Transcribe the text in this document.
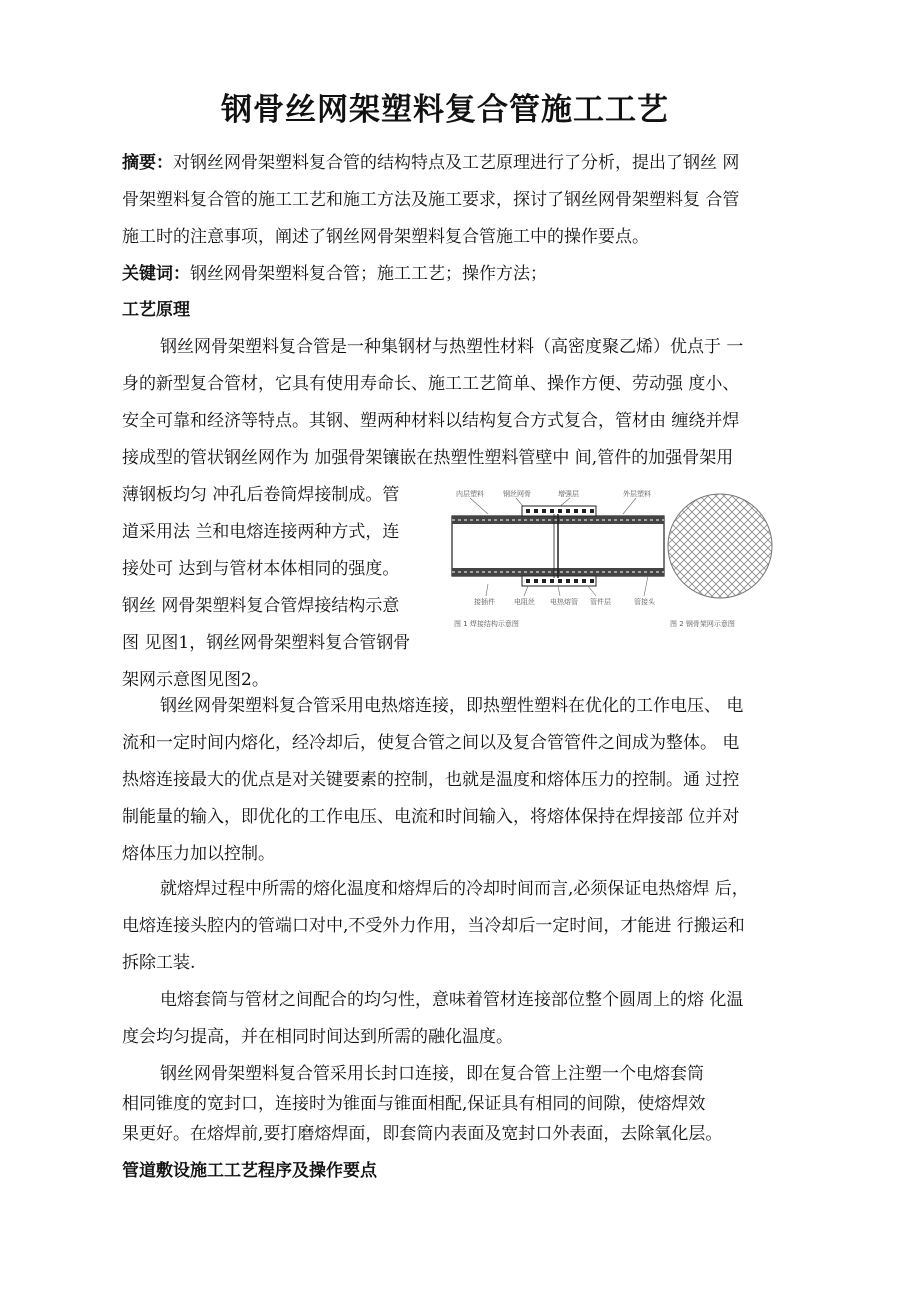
钢骨丝网架塑料复合管施工工艺
摘要：对钢丝网骨架塑料复合管的结构特点及工艺原理进行了分析，提出了钢丝 网
骨架塑料复合管的施工工艺和施工方法及施工要求，探讨了钢丝网骨架塑料复 合管
施工时的注意事项，阐述了钢丝网骨架塑料复合管施工中的操作要点。
关键词：钢丝网骨架塑料复合管；施工工艺；操作方法；
工艺原理
钢丝网骨架塑料复合管是一种集钢材与热塑性材料（高密度聚乙烯）优点于 一
身的新型复合管材，它具有使用寿命长、施工工艺简单、操作方便、劳动强 度小、
安全可靠和经济等特点。其钢、塑两种材料以结构复合方式复合，管材由 缠绕并焊
接成型的管状钢丝网作为 加强骨架镶嵌在热塑性塑料管壁中 间,管件的加强骨架用
薄钢板均匀 冲孔后卷筒焊接制成。管
道采用法 兰和电熔连接两种方式，连
接处可 达到与管材本体相同的强度。
钢丝 网骨架塑料复合管焊接结构示意
图 见图1，钢丝网骨架塑料复合管钢骨
架网示意图见图2。
内层塑料	钢丝网骨	增强层	外层塑料
接插件	电阻丝 电热熔管 管件层	管接头
图 1 焊接结构示意图	图 2 钢骨架网示意图
钢丝网骨架塑料复合管采用电热熔连接，即热塑性塑料在优化的工作电压、 电
流和一定时间内熔化，经冷却后，使复合管之间以及复合管管件之间成为整体。 电
热熔连接最大的优点是对关键要素的控制，也就是温度和熔体压力的控制。通 过控
制能量的输入，即优化的工作电压、电流和时间输入，将熔体保持在焊接部 位并对
熔体压力加以控制。
就熔焊过程中所需的熔化温度和熔焊后的冷却时间而言,必须保证电热熔焊 后，
电熔连接头腔内的管端口对中,不受外力作用，当冷却后一定时间，才能进 行搬运和
拆除工装.
电熔套筒与管材之间配合的均匀性，意味着管材连接部位整个圆周上的熔 化温
度会均匀提高，并在相同时间达到所需的融化温度。
钢丝网骨架塑料复合管采用长封口连接，即在复合管上注塑一个电熔套筒
相同锥度的宽封口，连接时为锥面与锥面相配,保证具有相同的间隙，使熔焊效
果更好。在熔焊前,要打磨熔焊面，即套筒内表面及宽封口外表面，去除氧化层。
管道敷设施工工艺程序及操作要点
